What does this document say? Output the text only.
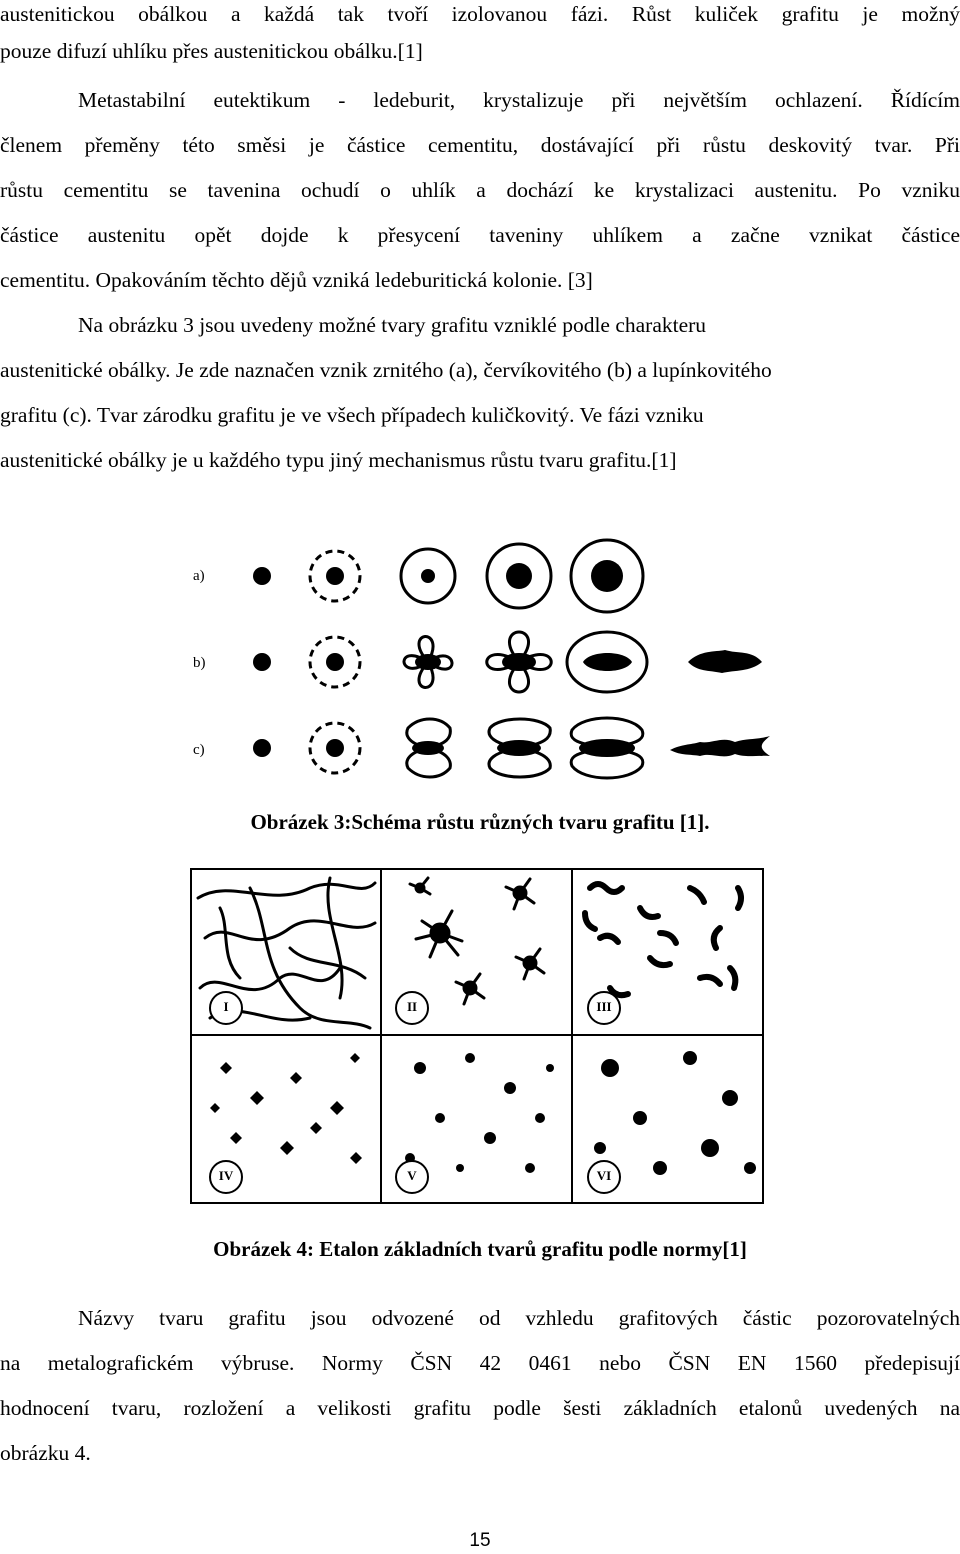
austenitickou obálkou a každá tak tvoří izolovanou fázi. Růst kuliček grafitu je možný
pouze difuzí uhlíku přes austenitickou obálku.[1]
Metastabilní eutektikum - ledeburit, krystalizuje při největším ochlazení. Řídícím
členem přeměny této směsi je částice cementitu, dostávající při růstu deskovitý tvar. Při
růstu cementitu se tavenina ochudí o uhlík a dochází ke krystalizaci austenitu. Po vzniku
částice austenitu opět dojde k přesycení taveniny uhlíkem a začne vznikat částice
cementitu. Opakováním těchto dějů vzniká ledeburitická kolonie. [3]
Na obrázku 3 jsou uvedeny možné tvary grafitu vzniklé podle charakteru
austenitické obálky. Je zde naznačen vznik zrnitého (a), červíkovitého (b) a lupínkovitého
grafitu (c). Tvar zárodku grafitu je ve všech případech kuličkovitý. Ve fázi vzniku
austenitické obálky je u každého typu jiný mechanismus růstu tvaru grafitu.[1]
a)
b)
c)
Obrázek 3:Schéma růstu různých tvaru grafitu [1].
I	II	III
IV	V	VI
Obrázek 4: Etalon základních tvarů grafitu podle normy[1]
Názvy tvaru grafitu jsou odvozené od vzhledu grafitových částic pozorovatelných
na metalografickém výbruse. Normy ČSN 42 0461 nebo ČSN EN 1560 předepisují
hodnocení tvaru, rozložení a velikosti grafitu podle šesti základních etalonů uvedených na
obrázku 4.
15
